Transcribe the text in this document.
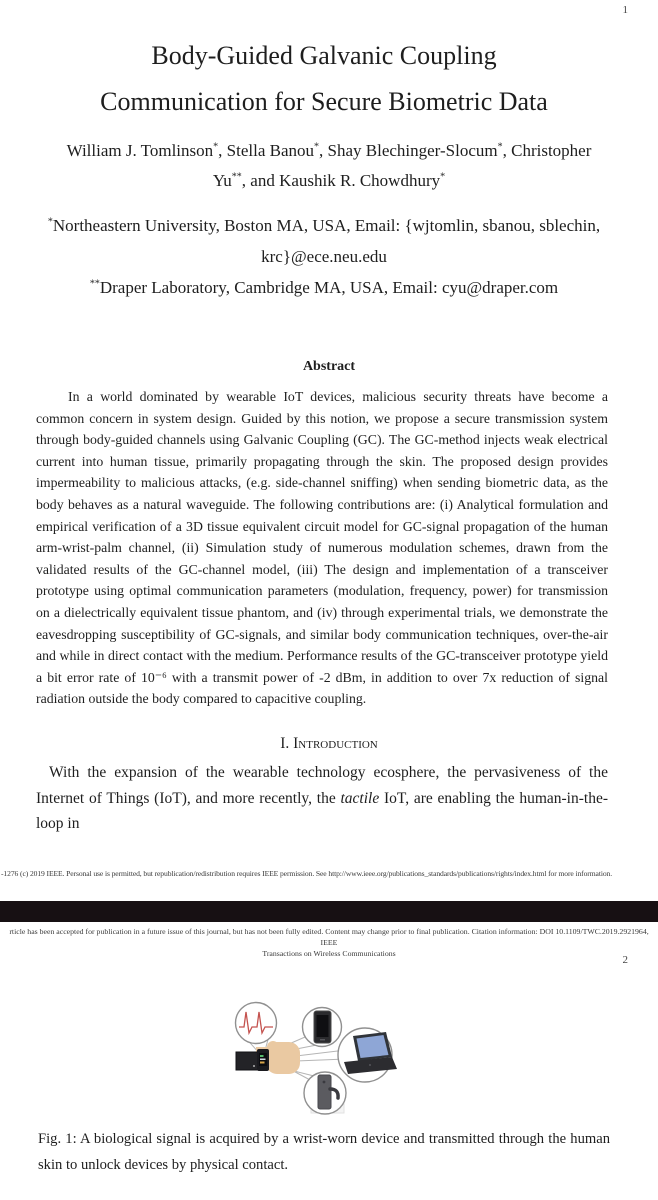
1
Body-Guided Galvanic Coupling
Communication for Secure Biometric Data
William J. Tomlinson*, Stella Banou*, Shay Blechinger-Slocum*, Christopher Yu**, and Kaushik R. Chowdhury*
*Northeastern University, Boston MA, USA, Email: {wjtomlin, sbanou, sblechin, krc}@ece.neu.edu
**Draper Laboratory, Cambridge MA, USA, Email: cyu@draper.com
Abstract

In a world dominated by wearable IoT devices, malicious security threats have become a common concern in system design. Guided by this notion, we propose a secure transmission system through body-guided channels using Galvanic Coupling (GC). The GC-method injects weak electrical current into human tissue, primarily propagating through the skin. The proposed design provides impermeability to malicious attacks, (e.g. side-channel sniffing) when sending biometric data, as the body behaves as a natural waveguide. The following contributions are: (i) Analytical formulation and empirical verification of a 3D tissue equivalent circuit model for GC-signal propagation of the human arm-wrist-palm channel, (ii) Simulation study of numerous modulation schemes, drawn from the validated results of the GC-channel model, (iii) The design and implementation of a transceiver prototype using optimal communication parameters (modulation, frequency, power) for transmission on a dielectrically equivalent tissue phantom, and (iv) through experimental trials, we demonstrate the eavesdropping susceptibility of GC-signals, and similar body communication techniques, over-the-air and while in direct contact with the medium. Performance results of the GC-transceiver prototype yield a bit error rate of 10⁻⁶ with a transmit power of -2 dBm, in addition to over 7x reduction of signal radiation outside the body compared to capacitive coupling.

I. Introduction

With the expansion of the wearable technology ecosphere, the pervasiveness of the Internet of Things (IoT), and more recently, the tactile IoT, are enabling the human-in-the-loop in

-1276 (c) 2019 IEEE. Personal use is permitted, but republication/redistribution requires IEEE permission. See http://www.ieee.org/publications_standards/publications/rights/index.html for more information.
rticle has been accepted for publication in a future issue of this journal, but has not been fully edited. Content may change prior to final publication. Citation information: DOI 10.1109/TWC.2019.2921964, IEEE
Transactions on Wireless Communications
2

Fig. 1: A biological signal is acquired by a wrist-worn device and transmitted through the human skin to unlock devices by physical contact.
